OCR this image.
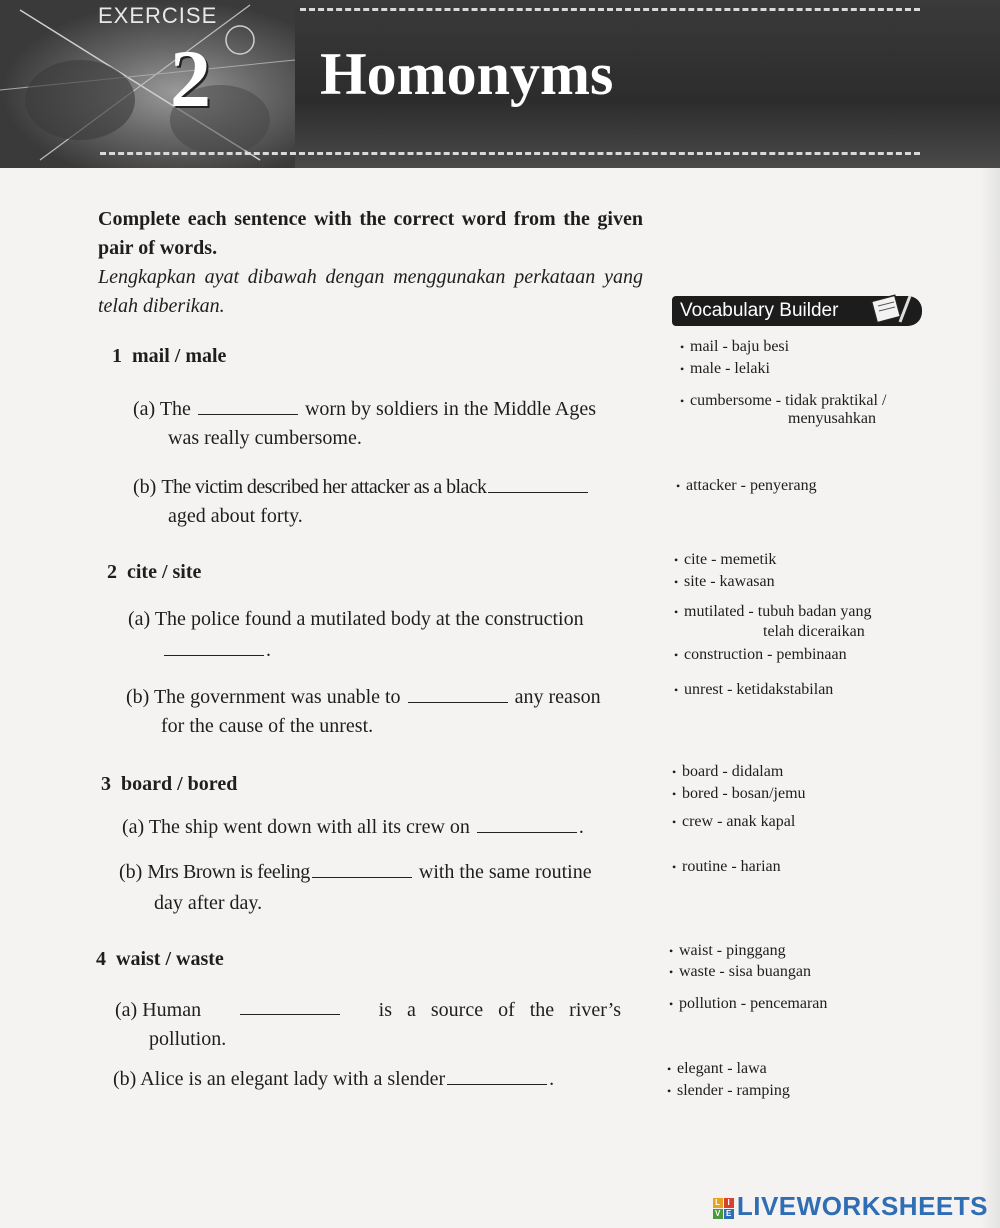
EXERCISE
2 Homonyms
Complete each sentence with the correct word from the given pair of words.
Lengkapkan ayat dibawah dengan menggunakan perkataan yang telah diberikan.	Vocabulary Builder
1 mail / male
(a) The	worn by soldiers in the Middle Ages
was really cumbersome.
(b) The victim described her attacker as a black
aged about forty.
2 cite / site
(a) The police found a mutilated body at the construction
.
(b) The government was unable to	any reason
for the cause of the unrest.
3 board / bored
(a) The ship went down with all its crew on	.
(b) Mrs Brown is feeling	with the same routine
day after day.
4 waist / waste
(a) Human	is a source of the river’s
pollution.
(b) Alice is an elegant lady with a slender	.
• mail - baju besi
• male - lelaki
• cumbersome - tidak praktikal /
menyusahkan
• attacker - penyerang
• cite - memetik
• site - kawasan
• mutilated - tubuh badan yang
telah diceraikan
• construction - pembinaan
• unrest - ketidakstabilan
• board - didalam
• bored - bosan/jemu
• crew - anak kapal
• routine - harian
• waist - pinggang
• waste - sisa buangan
• pollution - pencemaran
• elegant - lawa
• slender - ramping
L I
V E LIVEWORKSHEETS
